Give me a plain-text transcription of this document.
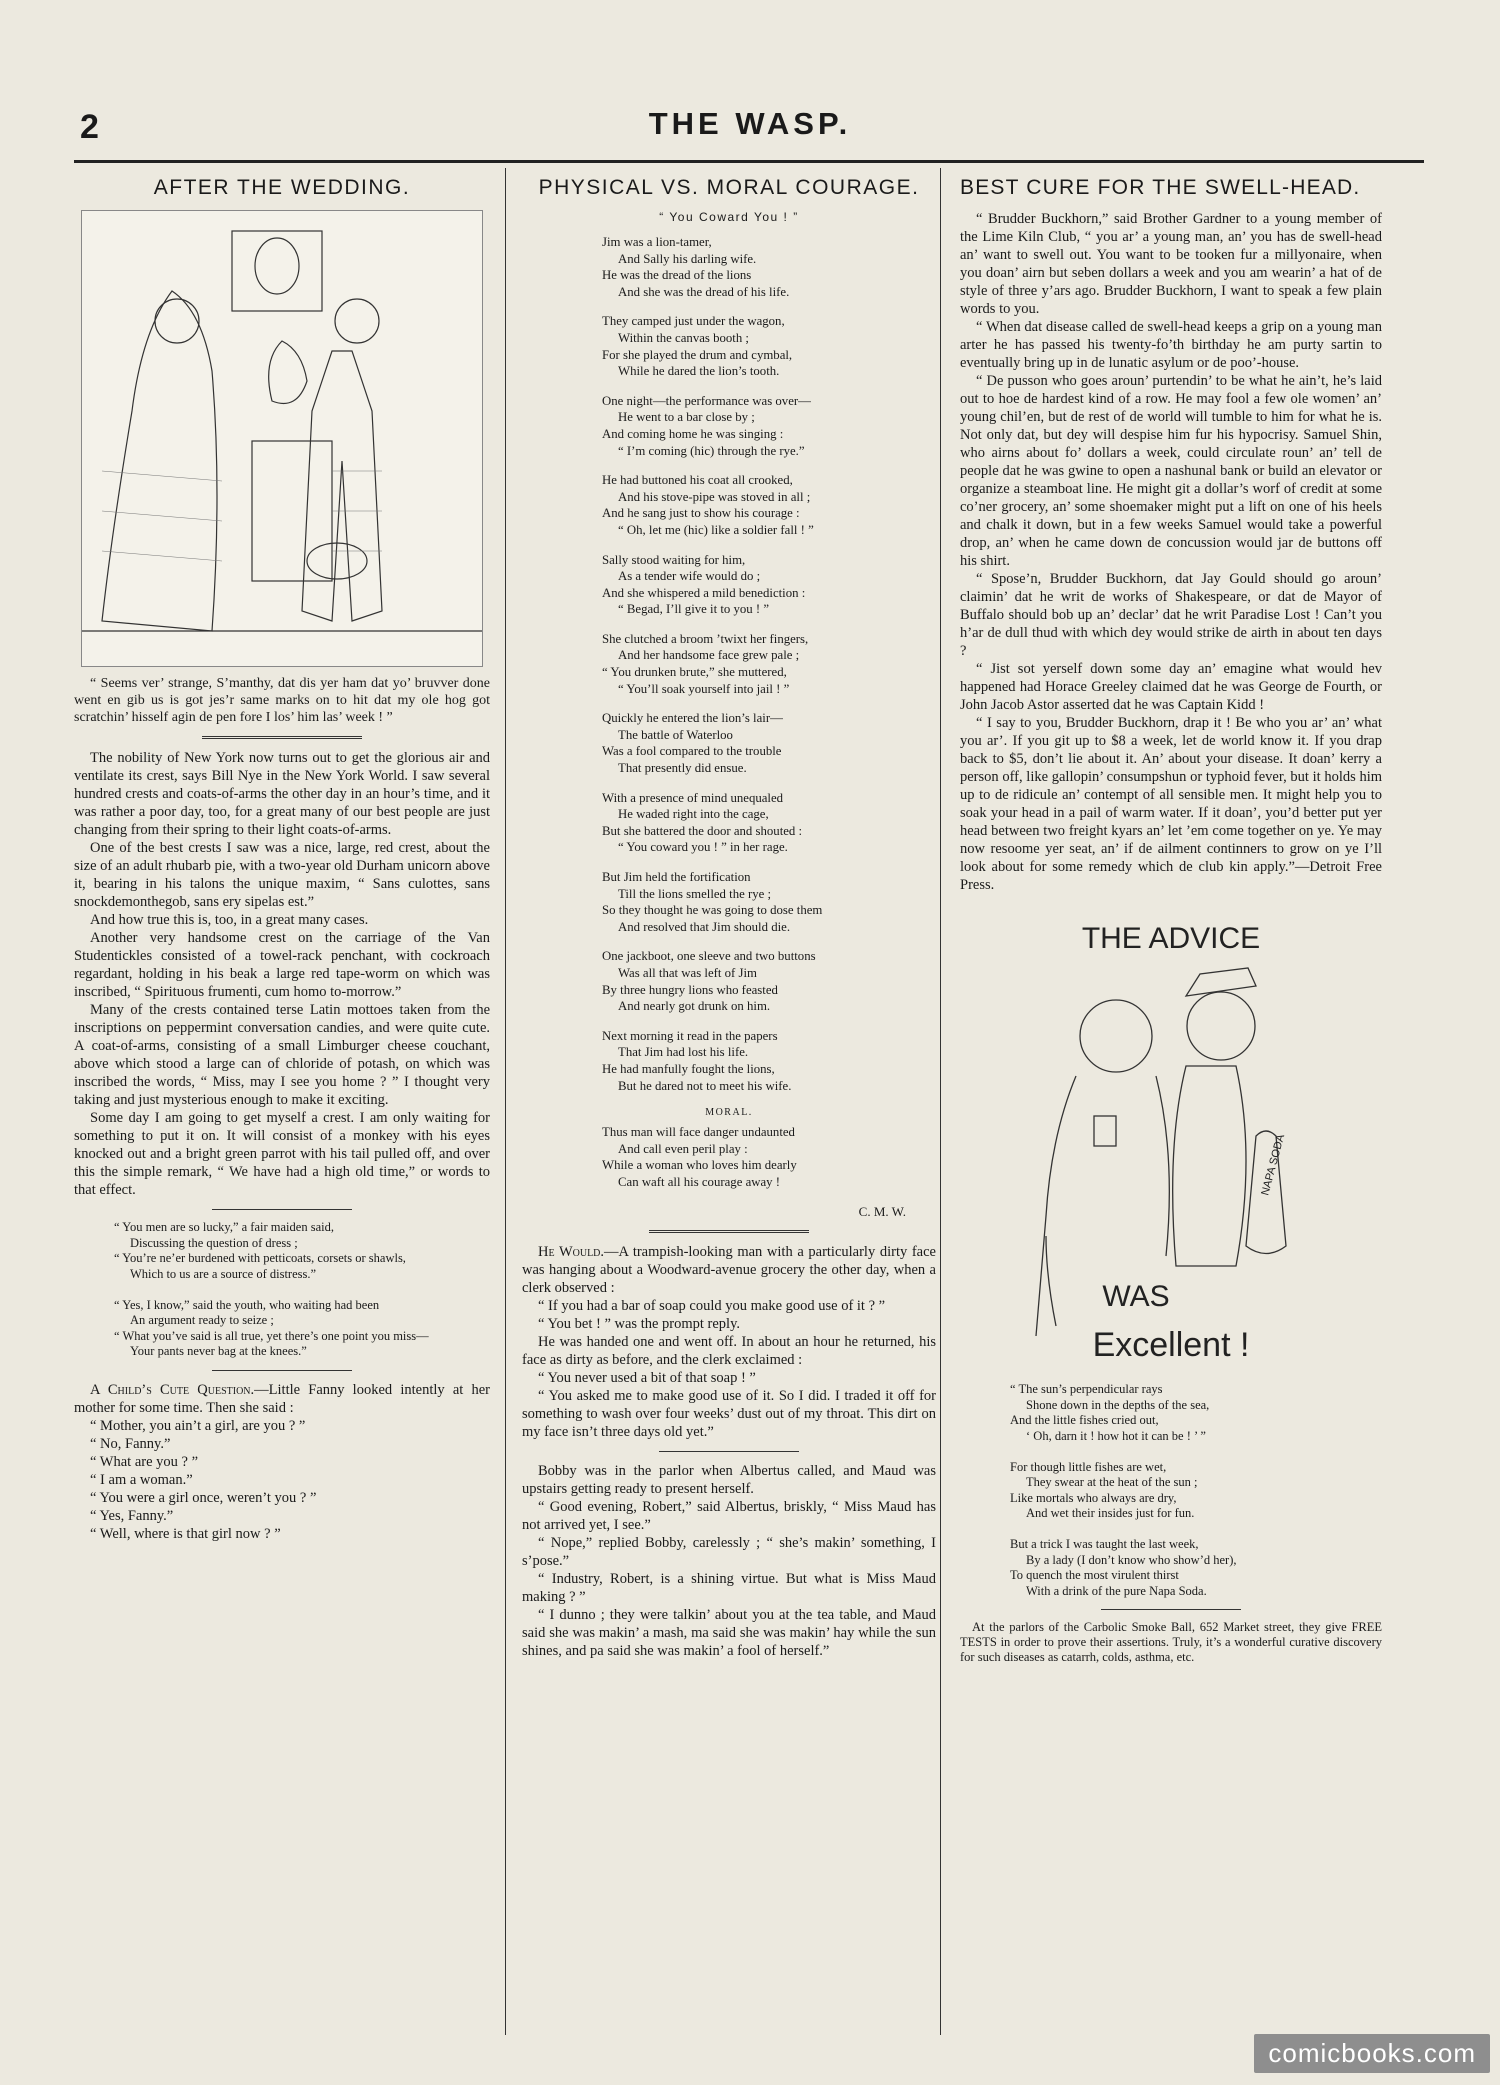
2	THE WASP.
AFTER THE WEDDING.
“ Seems ver’ strange, S’manthy, dat dis yer ham dat yo’ bruvver done went en gib us is got jes’r same marks on to hit dat my ole hog got scratchin’ hisself agin de pen fore I los’ him las’ week ! ”

The nobility of New York now turns out to get the glorious air and ventilate its crest, says Bill Nye in the New York World. I saw several hundred crests and coats-of-arms the other day in an hour’s time, and it was rather a poor day, too, for a great many of our best people are just changing from their spring to their light coats-of-arms.

One of the best crests I saw was a nice, large, red crest, about the size of an adult rhubarb pie, with a two-year old Durham unicorn above it, bearing in his talons the unique maxim, “ Sans culottes, sans snockdemonthegob, sans ery sipelas est.”

And how true this is, too, in a great many cases.

Another very handsome crest on the carriage of the Van Studentickles consisted of a towel-rack penchant, with cockroach regardant, holding in his beak a large red tape-worm on which was inscribed, “ Spirituous frumenti, cum homo to-morrow.”

Many of the crests contained terse Latin mottoes taken from the inscriptions on peppermint conversation candies, and were quite cute. A coat-of-arms, consisting of a small Limburger cheese couchant, above which stood a large can of chloride of potash, on which was inscribed the words, “ Miss, may I see you home ? ” I thought very taking and just mysterious enough to make it exciting.

Some day I am going to get myself a crest. I am only waiting for something to put it on. It will consist of a monkey with his eyes knocked out and a bright green parrot with his tail pulled off, and over this the simple remark, “ We have had a high old time,” or words to that effect.

“ You men are so lucky,” a fair maiden said,
Discussing the question of dress ;
“ You’re ne’er burdened with petticoats, corsets or shawls,
Which to us are a source of distress.”

“ Yes, I know,” said the youth, who waiting had been
An argument ready to seize ;
“ What you’ve said is all true, yet there’s one point you miss—
Your pants never bag at the knees.”

A Child’s Cute Question.—Little Fanny looked intently at her mother for some time. Then she said :

“ Mother, you ain’t a girl, are you ? ”

“ No, Fanny.”

“ What are you ? ”

“ I am a woman.”

“ You were a girl once, weren’t you ? ”

“ Yes, Fanny.”

“ Well, where is that girl now ? ”

PHYSICAL VS. MORAL COURAGE.
“ You Coward You ! ”
Jim was a lion-tamer,
And Sally his darling wife.
He was the dread of the lions
And she was the dread of his life.
They camped just under the wagon,
Within the canvas booth ;
For she played the drum and cymbal,
While he dared the lion’s tooth.
One night—the performance was over—
He went to a bar close by ;
And coming home he was singing :
“ I’m coming (hic) through the rye.”
He had buttoned his coat all crooked,
And his stove-pipe was stoved in all ;
And he sang just to show his courage :
“ Oh, let me (hic) like a soldier fall ! ”
Sally stood waiting for him,
As a tender wife would do ;
And she whispered a mild benediction :
“ Begad, I’ll give it to you ! ”
She clutched a broom ’twixt her fingers,
And her handsome face grew pale ;
“ You drunken brute,” she muttered,
“ You’ll soak yourself into jail ! ”
Quickly he entered the lion’s lair—
The battle of Waterloo
Was a fool compared to the trouble
That presently did ensue.
With a presence of mind unequaled
He waded right into the cage,
But she battered the door and shouted :
“ You coward you ! ” in her rage.
But Jim held the fortification
Till the lions smelled the rye ;
So they thought he was going to dose them
And resolved that Jim should die.
One jackboot, one sleeve and two buttons
Was all that was left of Jim
By three hungry lions who feasted
And nearly got drunk on him.
Next morning it read in the papers
That Jim had lost his life.
He had manfully fought the lions,
But he dared not to meet his wife.
MORAL.
Thus man will face danger undaunted
And call even peril play :
While a woman who loves him dearly
Can waft all his courage away !
C. M. W.

He Would.—A trampish-looking man with a particularly dirty face was hanging about a Woodward-avenue grocery the other day, when a clerk observed :

“ If you had a bar of soap could you make good use of it ? ”

“ You bet ! ” was the prompt reply.

He was handed one and went off. In about an hour he returned, his face as dirty as before, and the clerk exclaimed :

“ You never used a bit of that soap ! ”

“ You asked me to make good use of it. So I did. I traded it off for something to wash over four weeks’ dust out of my throat. This dirt on my face isn’t three days old yet.”

Bobby was in the parlor when Albertus called, and Maud was upstairs getting ready to present herself.

“ Good evening, Robert,” said Albertus, briskly, “ Miss Maud has not arrived yet, I see.”

“ Nope,” replied Bobby, carelessly ; “ she’s makin’ something, I s’pose.”

“ Industry, Robert, is a shining virtue. But what is Miss Maud making ? ”

“ I dunno ; they were talkin’ about you at the tea table, and Maud said she was makin’ a mash, ma said she was makin’ hay while the sun shines, and pa said she was makin’ a fool of herself.”

BEST CURE FOR THE SWELL-HEAD.

“ Brudder Buckhorn,” said Brother Gardner to a young member of the Lime Kiln Club, “ you ar’ a young man, an’ you has de swell-head an’ want to swell out. You want to be tooken fur a millyonaire, when you doan’ airn but seben dollars a week and you am wearin’ a hat of de style of three y’ars ago. Brudder Buckhorn, I want to speak a few plain words to you.

“ When dat disease called de swell-head keeps a grip on a young man arter he has passed his twenty-fo’th birthday he am purty sartin to eventually bring up in de lunatic asylum or de poo’-house.

“ De pusson who goes aroun’ purtendin’ to be what he ain’t, he’s laid out to hoe de hardest kind of a row. He may fool a few ole women’ an’ young chil’en, but de rest of de world will tumble to him for what he is. Not only dat, but dey will despise him fur his hypocrisy. Samuel Shin, who airns about fo’ dollars a week, could circulate roun’ an’ tell de people dat he was gwine to open a nashunal bank or build an elevator or organize a steamboat line. He might git a dollar’s worf of credit at some co’ner grocery, an’ some shoemaker might put a lift on one of his heels and chalk it down, but in a few weeks Samuel would take a powerful drop, an’ when he came down de concussion would jar de buttons off his shirt.

“ Spose’n, Brudder Buckhorn, dat Jay Gould should go aroun’ claimin’ dat he writ de works of Shakespeare, or dat de Mayor of Buffalo should bob up an’ declar’ dat he writ Paradise Lost ! Can’t you h’ar de dull thud with which dey would strike de airth in about ten days ?

“ Jist sot yerself down some day an’ emagine what would hev happened had Horace Greeley claimed dat he was George de Fourth, or John Jacob Astor asserted dat he was Captain Kidd !

“ I say to you, Brudder Buckhorn, drap it ! Be who you ar’ an’ what you ar’. If you git up to $8 a week, let de world know it. If you drap back to $5, don’t lie about it. An’ about your disease. It doan’ kerry a person off, like gallopin’ consumpshun or typhoid fever, but it holds him up to de ridicule an’ contempt of all sensible men. It might help you to soak your head in a pail of warm water. If it doan’, you’d better put yer head between two freight kyars an’ let ’em come together on ye. Ye may now resoome yer seat, an’ if de ailment continners to grow on ye I’ll look about for some remedy which de club kin apply.”—Detroit Free Press.

THE ADVICE
NAPA SODA
WAS
Excellent !
“ The sun’s perpendicular rays
Shone down in the depths of the sea,
And the little fishes cried out,
‘ Oh, darn it ! how hot it can be ! ’ ”

For though little fishes are wet,
They swear at the heat of the sun ;
Like mortals who always are dry,
And wet their insides just for fun.

But a trick I was taught the last week,
By a lady (I don’t know who show’d her),
To quench the most virulent thirst
With a drink of the pure Napa Soda.
At the parlors of the Carbolic Smoke Ball, 652 Market street, they give FREE TESTS in order to prove their assertions. Truly, it’s a wonderful curative discovery for such diseases as catarrh, colds, asthma, etc.
comicbooks.com
